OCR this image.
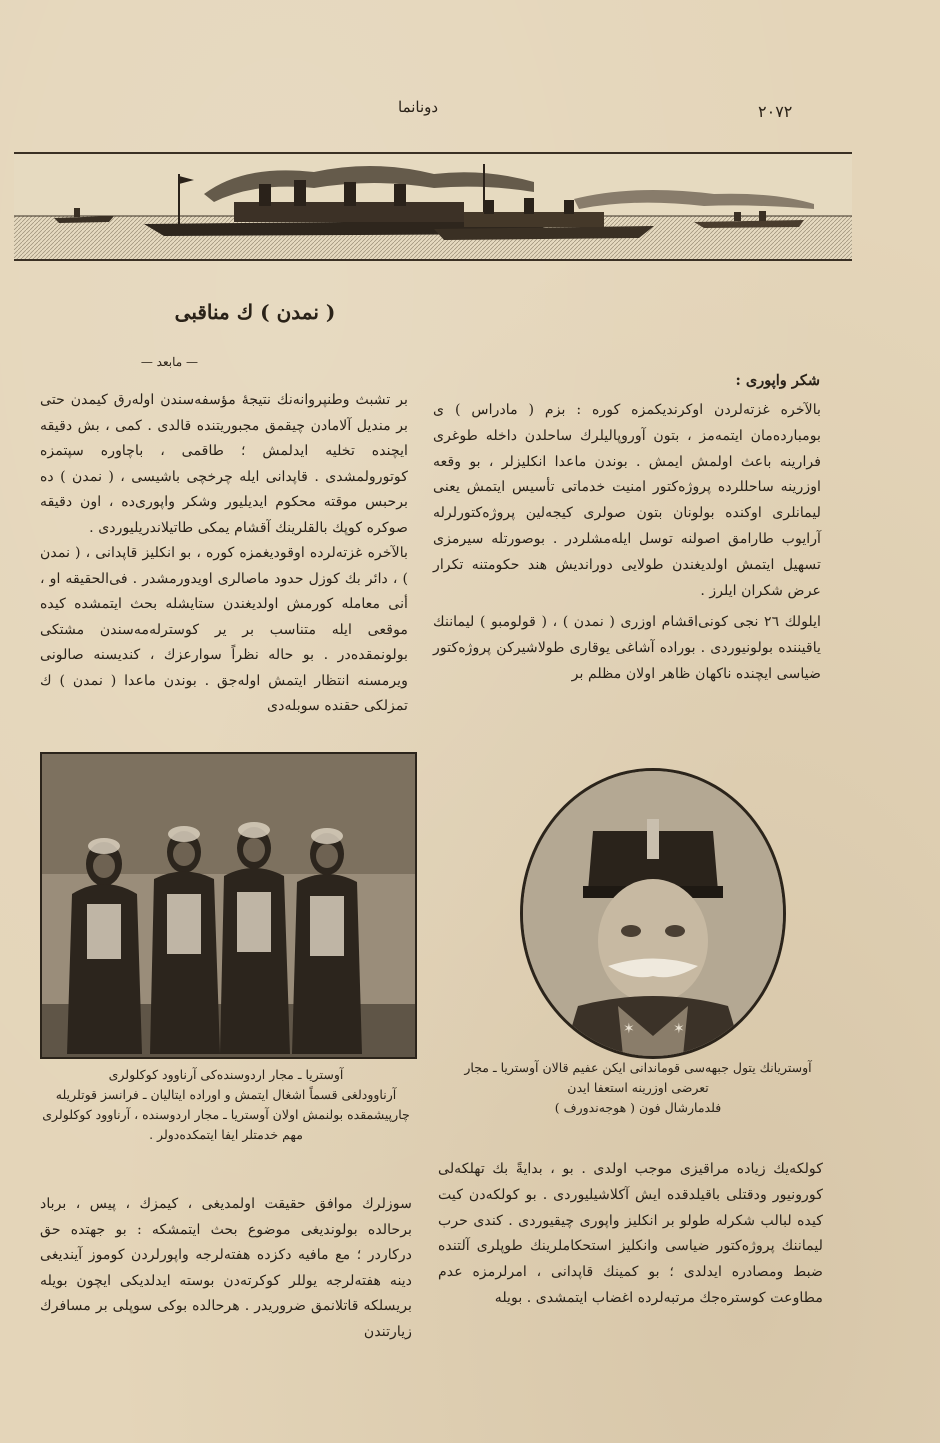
دونانما	٢٠٧٢
( نمدن ) ك مناقبی
— مابعد —

بر تشبث وطنپروانه‌نك نتیجهٔ مؤسفه‌سندن اوله‌رق كیمدن حتی بر مندیل آلامادن چیقمق مجبوریتنده قالدی . كمی ، بش دقیقه ایچنده تخلیه ایدلمش ؛ طاقمی ، باچاوره سپتمزه كوتورولمشدی . قاپدانی ایله چرخچی باشیسی ، ( نمدن ) ده برحبس موقته محكوم ایدیلیور وشكر واپوری‌ده ، اون دقیقه صوكره كوپك بالقلرینك آقشام یمكی طاتیلاندریلیوردی .

بالآخره غزته‌لرده اوقودیغمزه كوره ، بو انكلیز قاپدانی ، ( نمدن ) ، دائر بك كوزل حدود ماصالری اویدورمشدر . فی‌الحقیقه او ، أنی معامله كورمش اولدیغندن ستایشله بحث ایتمشده كیده موقعی ایله متناسب بر ير كوسترله‌مه‌سندن مشتكی بولونمقده‌در . بو حاله نظراً سوارعزك ، كندیسنه صالونی ویرمسنه انتظار ایتمش اوله‌جق . بوندن ماعدا ( نمدن ) ك تمزلكی حقنده سوبله‌دی

شكر واپوری :

بالآخره غزته‌لردن اوكرندیكمزه كوره : بزم ( مادراس ) ی بومبارده‌مان ایتمه‌مز ، بتون آوروپالیلرك ساحلدن داخله طوغری فرارینه باعث اولمش ایمش . بوندن ماعدا انكلیزلر ، بو وقعه اوزرینه ساحللرده پروژه‌كتور امنیت خدماتی تأسیس ایتمش یعنی لیمانلری اوكنده بولونان بتون صولری كیجه‌لین پروژه‌كتورلرله آرایوب طارامق اصولنه توسل ایله‌مشلردر . بوصورتله سیرمزی تسهیل ایتمش اولدیغندن طولایی دوراندیش هند حكومتنه تكرار عرض شكران ایلرز .

ایلولك ٢٦ نجی كونی‌اقشام اوزری ( نمدن ) ، ( قولومبو ) لیماننك یاقیننده بولونیوردی . بوراده آشاغی یوقاری طولاشیركن پروژه‌كتور ضیاسی ایچنده ناكهان ظاهر اولان مظلم بر

✶	✶

آوستریا ـ مجار اردوسنده‌كی آرناوود كوكلولری

آرناوودلغی قسماً اشغال ایتمش و اوراده ایتالیان ـ فرانسز قوتلریله چارپیشمقده بولنمش اولان آوستریا ـ مجار اردوسنده ، آرناوود كوكلولری مهم خدمتلر ایفا ایتمكده‌دولر .

آوستریانك یتول جبهه‌سی قوماندانی ایكن عفیم قالان آوستریا ـ مجار تعرضی اوزرینه استعفا ایدن

فلدمارشال فون ( هوجه‌ندورف )

سوزلرك موافق حقیقت اولمدیغی ، كیمزك ، پیس ، برباد برحالده بولوندیغی موضوع بحث ایتمشكه : بو جهتده حق دركاردر ؛ مع مافیه دكزده هفته‌لرجه واپورلردن كوموز آیندیغی دینه هفته‌لرجه یوللر كوكرته‌دن بوسته ایدلدیكی ایچون بویله بریسلكه قاتلانمق ضروریدر . هرحالده بوكی سوپلی بر مسافرك زیارتندن

كولكه‌یك زیاده مراقیزی موجب اولدی . بو ، بدایةً بك تهلكه‌لی كورونیور ودقتلی باقیلدقده ایش آكلاشیلیوردی . بو كولكه‌دن كیت كیده لبالب شكرله طولو بر انكلیز واپوری چیقیوردی . كندی حرب لیماننك پروژه‌كتور ضیاسی وانكلیز استحكاملرینك طوپلری آلتنده ضبط ومصادره ایدلدی ؛ بو كمینك قاپدانی ، امرلرمزه عدم مطاوعت كوستره‌جك مرتبه‌لرده اغضاب ایتمشدی . بویله
